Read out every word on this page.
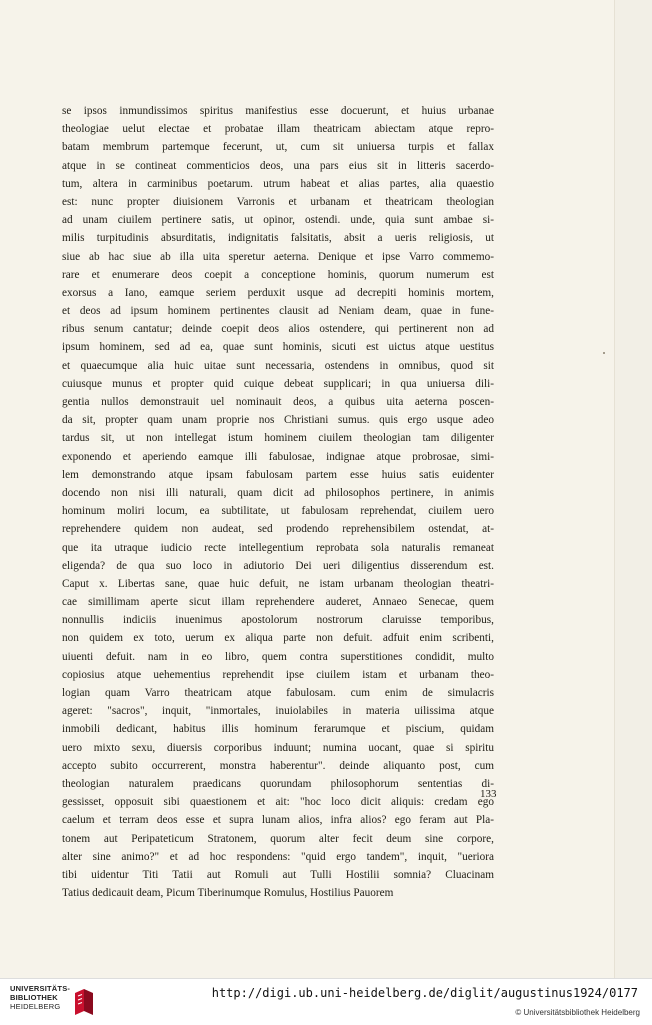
se ipsos inmundissimos spiritus manifestius esse docuerunt, et huius urbanae
theologiae uelut electae et probatae illam theatricam abiectam atque repro-
batam membrum partemque fecerunt, ut, cum sit uniuersa turpis et fallax
atque in se contineat commenticios deos, una pars eius sit in litteris sacerdo-
tum, altera in carminibus poetarum. utrum habeat et alias partes, alia quaestio
est: nunc propter diuisionem Varronis et urbanam et theatricam theologian
ad unam ciuilem pertinere satis, ut opinor, ostendi. unde, quia sunt ambae si-
milis turpitudinis absurditatis, indignitatis falsitatis, absit a ueris religiosis, ut
siue ab hac siue ab illa uita speretur aeterna. Denique et ipse Varro commemo-
rare et enumerare deos coepit a conceptione hominis, quorum numerum est
exorsus a Iano, eamque seriem perduxit usque ad decrepiti hominis mortem,
et deos ad ipsum hominem pertinentes clausit ad Neniam deam, quae in fune-
ribus senum cantatur; deinde coepit deos alios ostendere, qui pertinerent non ad
ipsum hominem, sed ad ea, quae sunt hominis, sicuti est uictus atque uestitus
et quaecumque alia huic uitae sunt necessaria, ostendens in omnibus, quod sit
cuiusque munus et propter quid cuique debeat supplicari; in qua uniuersa dili-
gentia nullos demonstrauit uel nominauit deos, a quibus uita aeterna poscen-
da sit, propter quam unam proprie nos Christiani sumus. quis ergo usque adeo
tardus sit, ut non intellegat istum hominem ciuilem theologian tam diligenter
exponendo et aperiendo eamque illi fabulosae, indignae atque probrosae, simi-
lem demonstrando atque ipsam fabulosam partem esse huius satis euidenter
docendo non nisi illi naturali, quam dicit ad philosophos pertinere, in animis
hominum moliri locum, ea subtilitate, ut fabulosam reprehendat, ciuilem uero
reprehendere quidem non audeat, sed prodendo reprehensibilem ostendat, at-
que ita utraque iudicio recte intellegentium reprobata sola naturalis remaneat
eligenda? de qua suo loco in adiutorio Dei ueri diligentius disserendum est.
Caput x. Libertas sane, quae huic defuit, ne istam urbanam theologian theatri-
cae simillimam aperte sicut illam reprehendere auderet, Annaeo Senecae, quem
nonnullis indiciis inuenimus apostolorum nostrorum claruisse temporibus,
non quidem ex toto, uerum ex aliqua parte non defuit. adfuit enim scribenti,
uiuenti defuit. nam in eo libro, quem contra superstitiones condidit, multo
copiosius atque uehementius reprehendit ipse ciuilem istam et urbanam theo-
logian quam Varro theatricam atque fabulosam. cum enim de simulacris
ageret: "sacros", inquit, "inmortales, inuiolabiles in materia uilissima atque
inmobili dedicant, habitus illis hominum ferarumque et piscium, quidam
uero mixto sexu, diuersis corporibus induunt; numina uocant, quae si spiritu
accepto subito occurrerent, monstra haberentur". deinde aliquanto post, cum
theologian naturalem praedicans quorundam philosophorum sententias di-
gessisset, opposuit sibi quaestionem et ait: "hoc loco dicit aliquis: credam ego
caelum et terram deos esse et supra lunam alios, infra alios? ego feram aut Pla-
tonem aut Peripateticum Stratonem, quorum alter fecit deum sine corpore,
alter sine animo?" et ad hoc respondens: "quid ergo tandem", inquit, "ueriora
tibi uidentur Titi Tatii aut Romuli aut Tulli Hostilii somnia? Cluacinam
Tatius dedicauit deam, Picum Tiberinumque Romulus, Hostilius Pauorem
133
UNIVERSITÄTS-
BIBLIOTHEK
HEIDELBERG
http://digi.ub.uni-heidelberg.de/diglit/augustinus1924/0177
© Universitätsbibliothek Heidelberg
